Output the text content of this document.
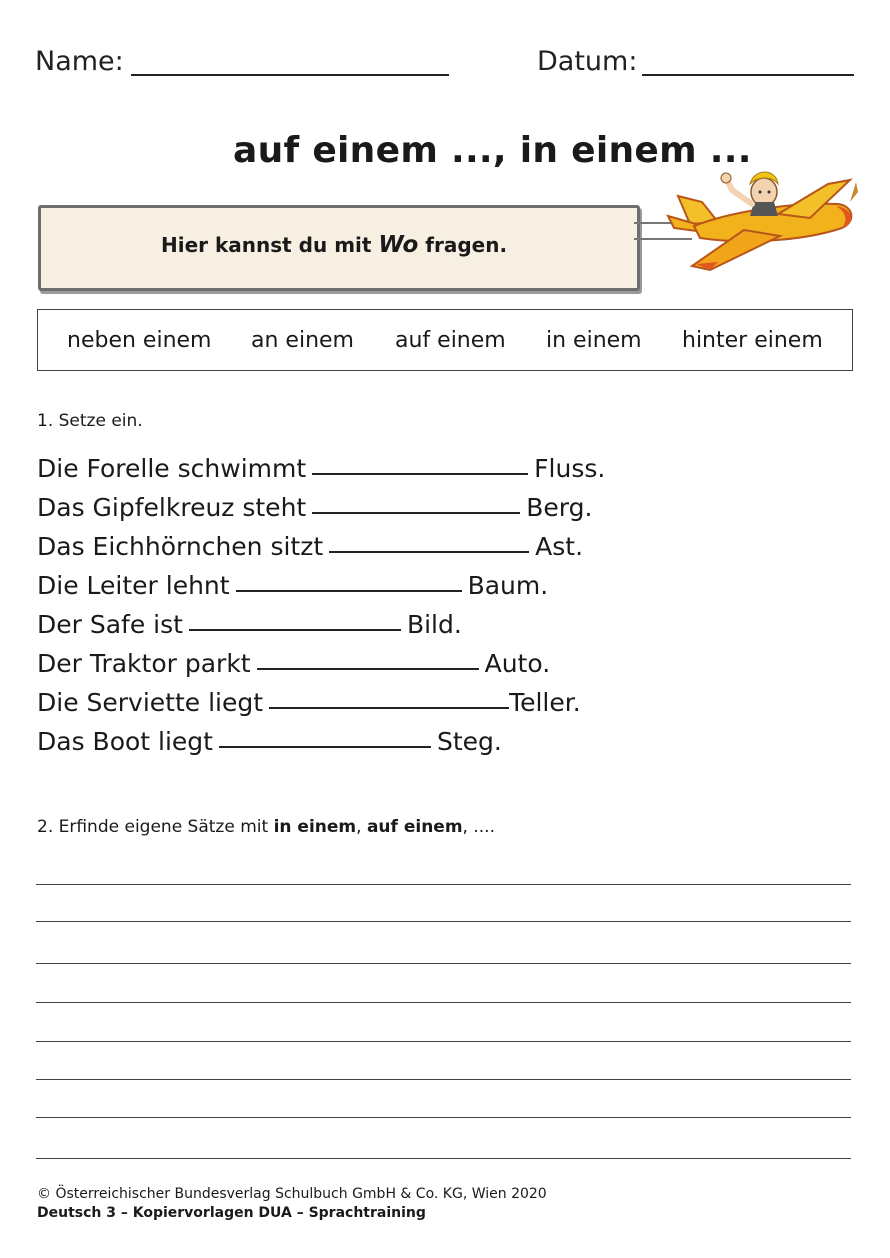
Name:	Datum:
auf einem ..., in einem ...
Hier kannst du mit Wo fragen.
neben einem an einem auf einem in einem hinter einem
1. Setze ein.
Die Forelle schwimmt	Fluss.
Das Gipfelkreuz steht	Berg.
Das Eichhörnchen sitzt	Ast.
Die Leiter lehnt	Baum.
Der Safe ist	Bild.
Der Traktor parkt	Auto.
Die Serviette liegt	Teller.
Das Boot liegt	Steg.
2. Erfinde eigene Sätze mit in einem, auf einem, ....
© Österreichischer Bundesverlag Schulbuch GmbH & Co. KG, Wien 2020
Deutsch 3 – Kopiervorlagen DUA – Sprachtraining
